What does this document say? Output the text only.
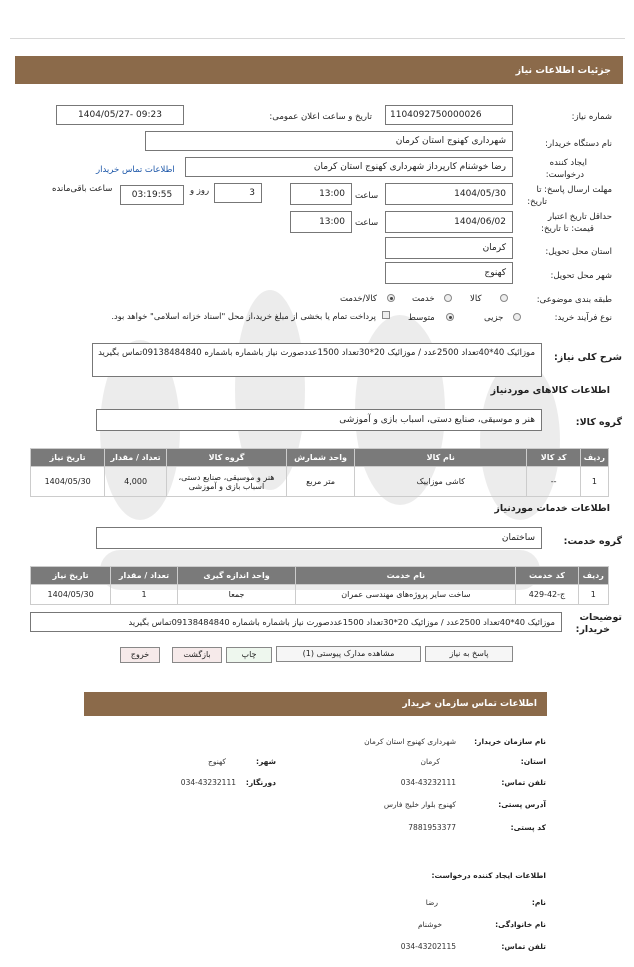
جزئیات اطلاعات نیاز
شماره نیاز:
1104092750000026
تاریخ و ساعت اعلان عمومی:
1404/05/27- 09:23
نام دستگاه خریدار:
شهرداری کهنوج استان کرمان
ایجاد کننده
درخواست:
رضا خوشنام کارپرداز شهرداری کهنوج استان کرمان
اطلاعات تماس خریدار
مهلت ارسال پاسخ: تا
تاریخ:
1404/05/30
ساعت
13:00
3
روز و
03:19:55
ساعت باقی‌مانده
حداقل تاریخ اعتبار
قیمت: تا تاریخ:
1404/06/02
ساعت
13:00
استان محل تحویل:
کرمان
شهر محل تحویل:
کهنوج
طبقه بندی موضوعی:
کالا
خدمت
کالا/خدمت
نوع فرآیند خرید:
جزیی
متوسط
پرداخت تمام یا بخشی از مبلغ خرید،از محل "اسناد خزانه اسلامی" خواهد بود.
شرح کلی نیاز:
موزائیک 40*40تعداد 2500عدد / موزائیک 20*30تعداد 1500عددصورت نیاز باشماره باشماره 09138484840تماس بگیرید
اطلاعات کالاهای موردنیاز
گروه کالا:
هنر و موسیقی، صنایع دستی، اسباب بازی و آموزشی
ردیف	کد کالا	نام کالا	واحد شمارش	گروه کالا	تعداد / مقدار	تاریخ نیاز
1	--	کاشی موزاییک	متر مربع	هنر و موسیقی، صنایع دستی، اسباب بازی و آموزشی	4,000	1404/05/30
اطلاعات خدمات موردنیاز
گروه خدمت:
ساختمان
ردیف	کد خدمت	نام خدمت	واحد اندازه گیری	تعداد / مقدار	تاریخ نیاز
1	ج-42-429	ساخت سایر پروژه‌های مهندسی عمران	جمعا	1	1404/05/30
توضیحات
خریدار:
موزائیک 40*40تعداد 2500عدد / موزائیک 20*30تعداد 1500عددصورت نیاز باشماره باشماره 09138484840تماس بگیرید
پاسخ به نیاز
مشاهده مدارک پیوستی (1)
چاپ
بازگشت
خروج
اطلاعات تماس سازمان خریدار
نام سازمان خریدار:
شهرداری کهنوج استان کرمان
استان:
کرمان
شهر:
کهنوج
تلفن تماس:
034-43232111
دورنگار:
034-43232111
آدرس پستی:
کهنوج بلوار خلیج فارس
کد پستی:
7881953377
اطلاعات ایجاد کننده درخواست:
نام:
رضا
نام خانوادگی:
خوشنام
تلفن تماس:
034-43202115
